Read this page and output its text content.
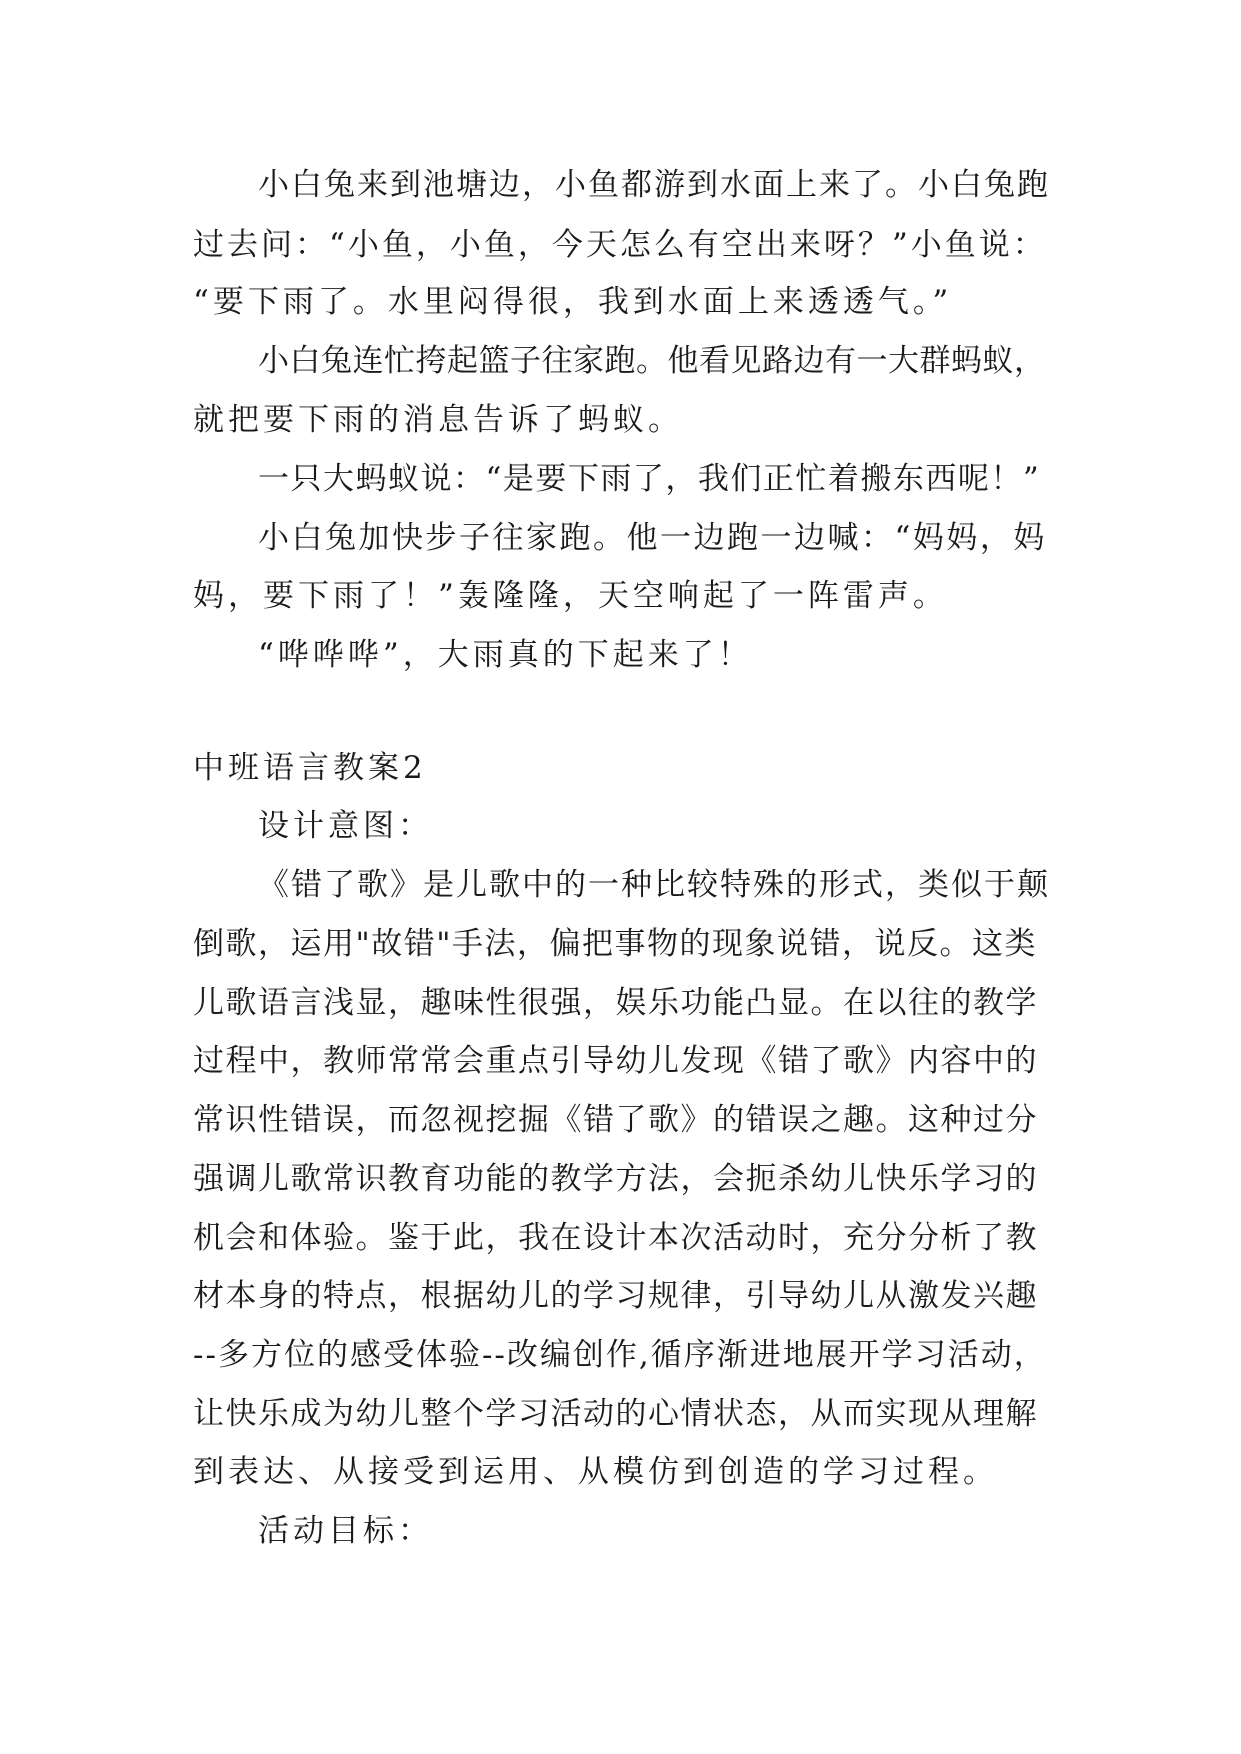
小白兔来到池塘边，小鱼都游到水面上来了。小白兔跑
过去问：“小鱼，小鱼，今天怎么有空出来呀？”小鱼说：
“要下雨了。水里闷得很，我到水面上来透透气。”
小白兔连忙挎起篮子往家跑。他看见路边有一大群蚂蚁，
就把要下雨的消息告诉了蚂蚁。
一只大蚂蚁说：“是要下雨了，我们正忙着搬东西呢！”
小白兔加快步子往家跑。他一边跑一边喊：“妈妈，妈
妈，要下雨了！”轰隆隆，天空响起了一阵雷声。
“哗哗哗”，大雨真的下起来了！
中班语言教案2
设计意图：
《错了歌》是儿歌中的一种比较特殊的形式，类似于颠
倒歌，运用"故错"手法，偏把事物的现象说错，说反。这类
儿歌语言浅显，趣味性很强，娱乐功能凸显。在以往的教学
过程中，教师常常会重点引导幼儿发现《错了歌》内容中的
常识性错误，而忽视挖掘《错了歌》的错误之趣。这种过分
强调儿歌常识教育功能的教学方法，会扼杀幼儿快乐学习的
机会和体验。鉴于此，我在设计本次活动时，充分分析了教
材本身的特点，根据幼儿的学习规律，引导幼儿从激发兴趣
--多方位的感受体验--改编创作,循序渐进地展开学习活动，
让快乐成为幼儿整个学习活动的心情状态，从而实现从理解
到表达、从接受到运用、从模仿到创造的学习过程。
活动目标：
